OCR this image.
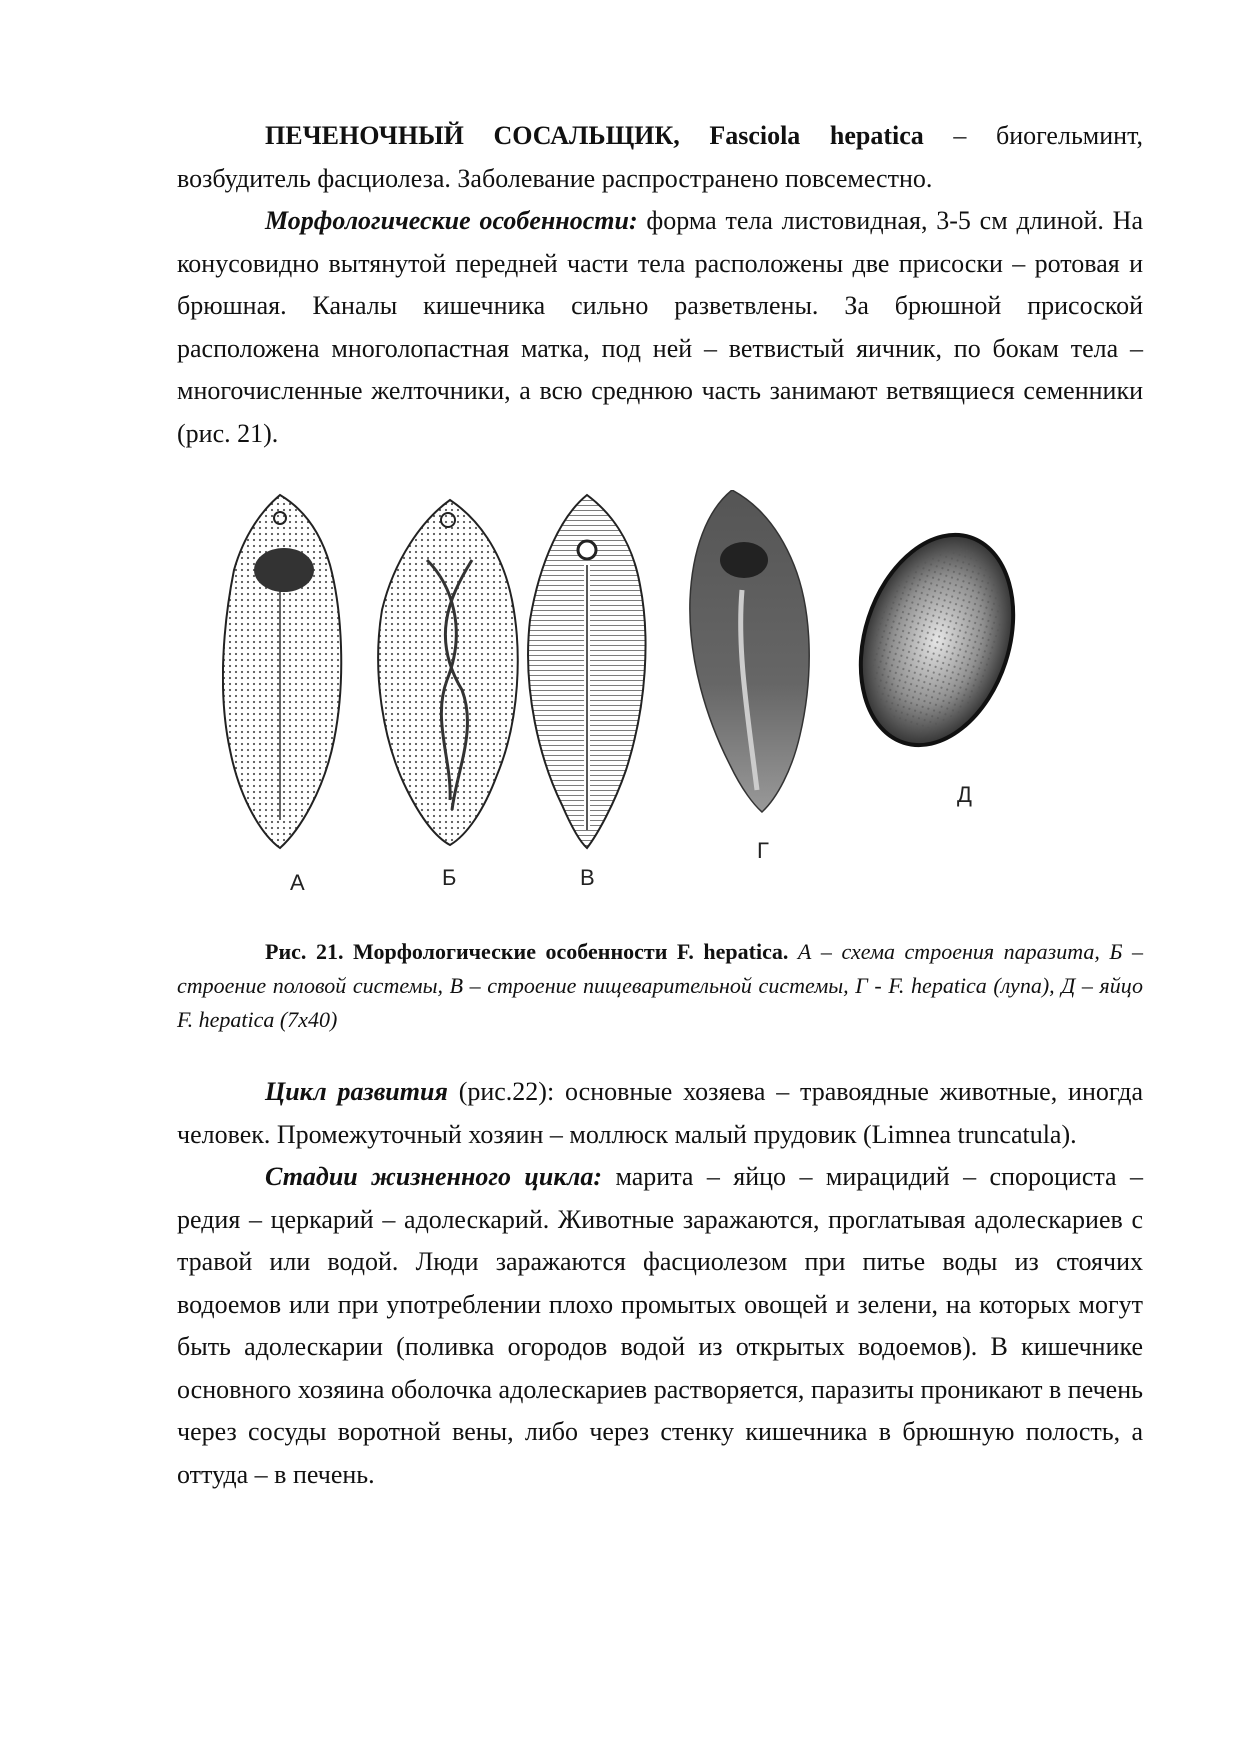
ПЕЧЕНОЧНЫЙ СОСАЛЬЩИК, Fasciola hepatica – биогельминт, возбудитель фасциолеза. Заболевание распространено повсеместно.

Морфологические особенности: форма тела листовидная, 3-5 см длиной. На конусовидно вытянутой передней части тела расположены две присоски – ротовая и брюшная. Каналы кишечника сильно разветвлены. За брюшной присоской расположена многолопастная матка, под ней – ветвистый яичник, по бокам тела – многочисленные желточники, а всю среднюю часть занимают ветвящиеся семенники (рис. 21).

А	Б	В
Г
Д

Рис. 21. Морфологические особенности F. hepatica. А – схема строения паразита, Б – строение половой системы, В – строение пищеварительной системы, Г - F. hepatica (лупа), Д – яйцо F. hepatica (7х40)

Цикл развития (рис.22): основные хозяева – травоядные животные, иногда человек. Промежуточный хозяин – моллюск малый прудовик (Limnea truncatula).

Стадии жизненного цикла: марита – яйцо – мирацидий – спороциста – редия – церкарий – адолескарий. Животные заражаются, проглатывая адолескариев с травой или водой. Люди заражаются фасциолезом при питье воды из стоячих водоемов или при употреблении плохо промытых овощей и зелени, на которых могут быть адолескарии (поливка огородов водой из открытых водоемов). В кишечнике основного хозяина оболочка адолескариев растворяется, паразиты проникают в печень через сосуды воротной вены, либо через стенку кишечника в брюшную полость, а оттуда – в печень.
